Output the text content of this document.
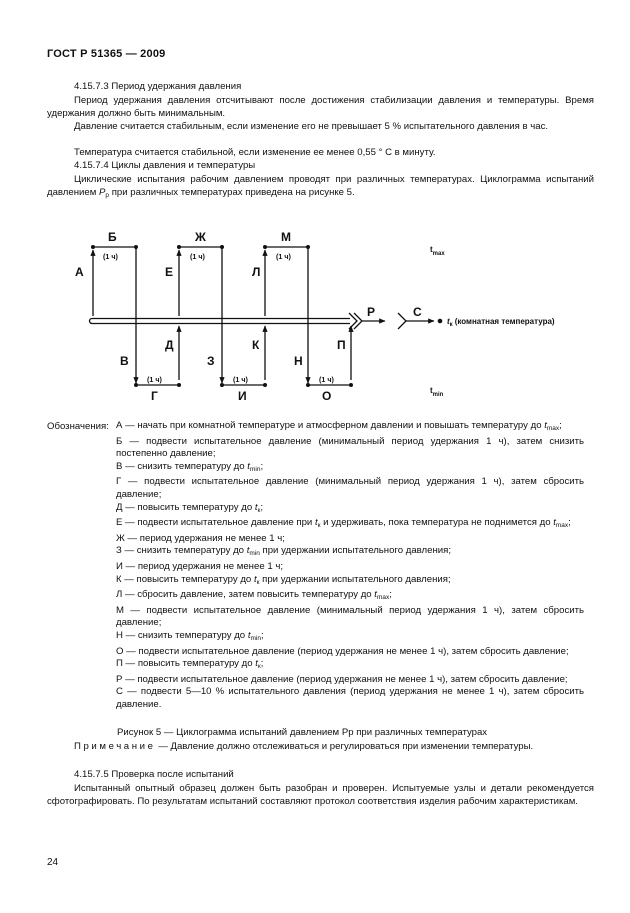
ГОСТ Р 51365 — 2009
4.15.7.3 Период удержания давления
Период удержания давления отсчитывают после достижения стабилизации давления и температуры. Время удержания должно быть минимальным.
Давление считается стабильным, если изменение его не превышает 5 % испытательного давления в час.
Температура считается стабильной, если изменение ее менее 0,55 ° С в минуту.
4.15.7.4 Циклы давления и температуры
Циклические испытания рабочим давлением проводят при различных температурах. Циклограмма испытаний давлением $P_p$ при различных температурах приведена на рисунке 5.
А
Б
В
Г
Д
Е
Ж
З
И
К
Л
М
Н
О
П
Р	С
(1 ч)	(1 ч)	(1 ч)
(1 ч)	(1 ч)	(1 ч)
$t_{max}$
$t_{min}$
$t_к$ (комнатная температура)
Обозначения: А — начать при комнатной температуре и атмосферном давлении и повышать температуру до $t_{max}$;

Б — подвести испытательное давление (минимальный период удержания 1 ч), затем снизить постепенно давление;

В — снизить температуру до $t_{min}$;

Г — подвести испытательное давление (минимальный период удержания 1 ч), затем сбросить давление;

Д — повысить температуру до $t_к$;

Е — подвести испытательное давление при $t_к$ и удерживать, пока температура не поднимется до $t_{max}$;

Ж — период удержания не менее 1 ч;

З — снизить температуру до $t_{min}$ при удержании испытательного давления;

И — период удержания не менее 1 ч;

К — повысить температуру до $t_к$ при удержании испытательного давления;

Л — сбросить давление, затем повысить температуру до $t_{max}$;

М — подвести испытательное давление (минимальный период удержания 1 ч), затем сбросить давление;

Н — снизить температуру до $t_{min}$;

О — подвести испытательное давление (период удержания не менее 1 ч), затем сбросить давление;

П — повысить температуру до $t_к$;

Р — подвести испытательное давление (период удержания не менее 1 ч), затем сбросить давление;

С — подвести 5—10 % испытательного давления (период удержания не менее 1 ч), затем сбросить давление.

Рисунок 5 — Циклограмма испытаний давлением Рр при различных температурах
Примечание — Давление должно отслеживаться и регулироваться при изменении температуры.
4.15.7.5 Проверка после испытаний
Испытанный опытный образец должен быть разобран и проверен. Испытуемые узлы и детали рекомендуется сфотографировать. По результатам испытаний составляют протокол соответствия изделия рабочим характеристикам.
24
